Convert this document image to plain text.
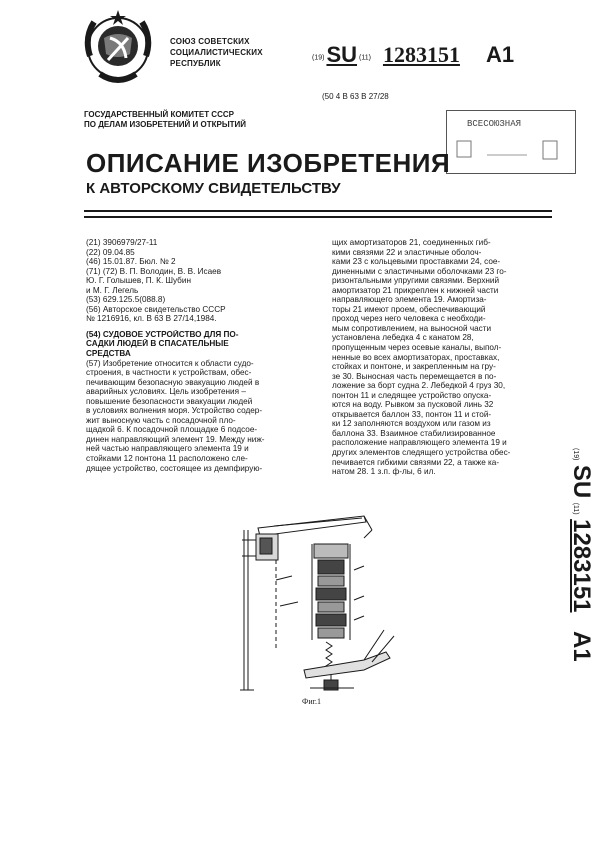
СОЮЗ СОВЕТСКИХ
СОЦИАЛИСТИЧЕСКИХ
РЕСПУБЛИК
(19)SU (11) 1283151 A1
(50 4 B 63 B 27/28
ГОСУДАРСТВЕННЫЙ КОМИТЕТ СССР
ПО ДЕЛАМ ИЗОБРЕТЕНИЙ И ОТКРЫТИЙ	ВСЕСОЮЗНАЯ
ОПИСАНИЕ ИЗОБРЕТЕНИЯ
К АВТОРСКОМУ СВИДЕТЕЛЬСТВУ
(21) 3906979/27-11
(22) 09.04.85
(46) 15.01.87. Бюл. № 2
(71) (72) В. П. Володин, В. В. Исаев
Ю. Г. Голышев, П. К. Шубин
и М. Г. Легель
(53) 629.125.5(088.8)
(56) Авторское свидетельство СССР
№ 1216916, кл. В 63 В 27/14,1984.
(54) СУДОВОЕ УСТРОЙСТВО ДЛЯ ПО-
САДКИ ЛЮДЕЙ В СПАСАТЕЛЬНЫЕ
СРЕДСТВА
(57) Изобретение относится к области судо-
строения, в частности к устройствам, обес-
печивающим безопасную эвакуацию людей в
аварийных условиях. Цель изобретения –
повышение безопасности эвакуации людей
в условиях волнения моря. Устройство содер-
жит выносную часть с посадочной пло-
щадкой 6. К посадочной площадке 6 подсое-
динен направляющий элемент 19. Между ниж-
ней частью направляющего элемента 19 и
стойками 12 понтона 11 расположено сле-
дящее устройство, состоящее из демпфирую-
щих амортизаторов 21, соединенных гиб-
кими связями 22 и эластичные оболоч-
ками 23 с кольцевыми проставками 24, сое-
диненными с эластичными оболочками 23 го-
ризонтальными упругими связями. Верхний
амортизатор 21 прикреплен к нижней части
направляющего элемента 19. Амортиза-
торы 21 имеют проем, обеспечивающий
проход через него человека с необходи-
мым сопротивлением, на выносной части
установлена лебедка 4 с канатом 28,
пропущенным через осевые каналы, выпол-
ненные во всех амортизаторах, проставках,
стойках и понтоне, и закрепленным на гру-
зе 30. Выносная часть перемещается в по-
ложение за борт судна 2. Лебедкой 4 груз 30,
понтон 11 и следящее устройство опуска-
ются на воду. Рывком за пусковой линь 32
открывается баллон 33, понтон 11 и стой-
ки 12 заполняются воздухом или газом из
баллона 33. Взаимное стабилизированное
расположение направляющего элемента 19 и
других элементов следящего устройства обес-
печивается гибкими связями 22, а также ка-
натом 28. 1 з.п. ф-лы, 6 ил.
(19) SU (11) 1283151 A1
Фиг.1
